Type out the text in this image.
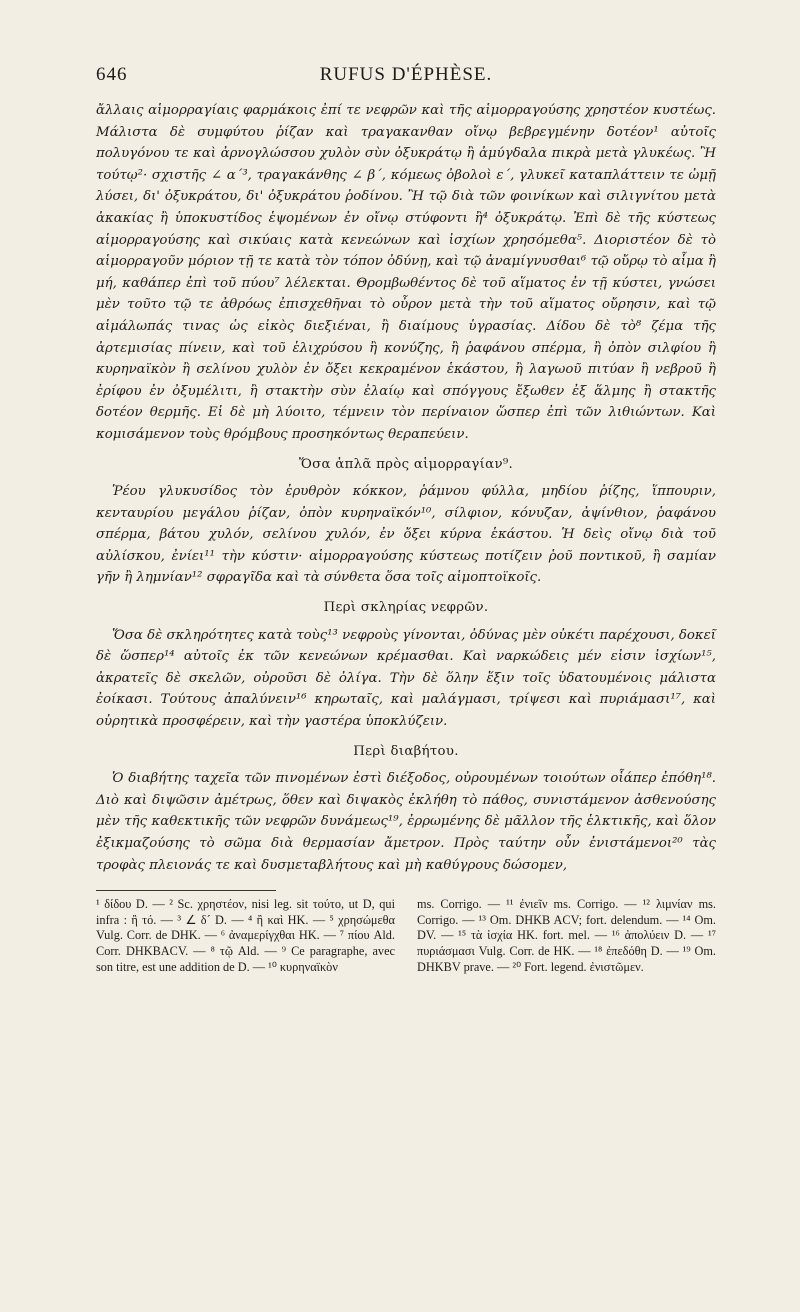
646	RUFUS D'ÉPHÈSE.

ἄλλαις αἱμορραγίαις φαρμάκοις ἐπί τε νεφρῶν καὶ τῆς αἱμορραγούσης χρηστέον κυστέως. Μάλιστα δὲ συμφύτου ῥίζαν καὶ τραγακανθαν οἴνῳ βεβρεγμένην δοτέον¹ αὐτοῖς πολυγόνου τε καὶ ἀρνογλώσσου χυλὸν σὺν ὀξυκράτῳ ἢ ἀμύγδαλα πικρὰ μετὰ γλυκέως. Ἢ τούτῳ²· σχιστῆς ∠ α´³, τραγακάνθης ∠ β´, κόμεως ὀβολοὶ ε´, γλυκεῖ καταπλάττειν τε ὠμῇ λύσει, δι' ὀξυκράτου, δι' ὀξυκράτου ῥοδίνου. Ἢ τῷ διὰ τῶν φοινίκων καὶ σιλιγνίτου μετὰ ἀκακίας ἢ ὑποκυστίδος ἑψομένων ἐν οἴνῳ στύφοντι ἢ⁴ ὀξυκράτῳ. Ἐπὶ δὲ τῆς κύστεως αἱμορραγούσης καὶ σικύαις κατὰ κενεώνων καὶ ἰσχίων χρησόμεθα⁵. Διοριστέον δὲ τὸ αἱμορραγοῦν μόριον τῇ τε κατὰ τὸν τόπον ὀδύνῃ, καὶ τῷ ἀναμίγνυσθαι⁶ τῷ οὔρῳ τὸ αἷμα ἢ μή, καθάπερ ἐπὶ τοῦ πύου⁷ λέλεκται. Θρομβωθέντος δὲ τοῦ αἵματος ἐν τῇ κύστει, γνώσει μὲν τοῦτο τῷ τε ἀθρόως ἐπισχεθῆναι τὸ οὖρον μετὰ τὴν τοῦ αἵματος οὔρησιν, καὶ τῷ αἱμάλωπάς τινας ὡς εἰκὸς διεξιέναι, ἢ διαίμους ὑγρασίας. Δίδου δὲ τὸ⁸ ζέμα τῆς ἀρτεμισίας πίνειν, καὶ τοῦ ἑλιχρύσου ἢ κονύζης, ἢ ῥαφάνου σπέρμα, ἢ ὀπὸν σιλφίου ἢ κυρηναϊκὸν ἢ σελίνου χυλὸν ἐν ὄξει κεκραμένον ἑκάστου, ἢ λαγωοῦ πιτύαν ἢ νεβροῦ ἢ ἐρίφου ἐν ὀξυμέλιτι, ἢ στακτὴν σὺν ἐλαίῳ καὶ σπόγγους ἔξωθεν ἐξ ἅλμης ἢ στακτῆς δοτέον θερμῆς. Εἰ δὲ μὴ λύοιτο, τέμνειν τὸν περίναιον ὥσπερ ἐπὶ τῶν λιθιώντων. Καὶ κομισάμενον τοὺς θρόμβους προσηκόντως θεραπεύειν.

Ὅσα ἁπλᾶ πρὸς αἱμορραγίαν⁹.

Ῥέου γλυκυσίδος τὸν ἐρυθρὸν κόκκον, ῥάμνου φύλλα, μηδίου ῥίζης, ἵππουριν, κενταυρίου μεγάλου ῥίζαν, ὀπὸν κυρηναϊκόν¹⁰, σίλφιον, κόνυζαν, ἀψίνθιον, ῥαφάνου σπέρμα, βάτου χυλόν, σελίνου χυλόν, ἐν ὄξει κύρνα ἑκάστου. Ἡ δεὶς οἴνῳ διὰ τοῦ αὐλίσκου, ἐνίει¹¹ τὴν κύστιν· αἱμορραγούσης κύστεως ποτίζειν ῥοῦ ποντικοῦ, ἢ σαμίαν γῆν ἢ λημνίαν¹² σφραγῖδα καὶ τὰ σύνθετα ὅσα τοῖς αἱμοπτοϊκοῖς.

Περὶ σκληρίας νεφρῶν.

Ὅσα δὲ σκληρότητες κατὰ τοὺς¹³ νεφροὺς γίνονται, ὀδύνας μὲν οὐκέτι παρέχουσι, δοκεῖ δὲ ὥσπερ¹⁴ αὐτοῖς ἐκ τῶν κενεώνων κρέμασθαι. Καὶ ναρκώδεις μέν εἰσιν ἰσχίων¹⁵, ἀκρατεῖς δὲ σκελῶν, οὐροῦσι δὲ ὀλίγα. Τὴν δὲ ὅλην ἕξιν τοῖς ὑδατουμένοις μάλιστα ἐοίκασι. Τούτους ἀπαλύνειν¹⁶ κηρωταῖς, καὶ μαλάγμασι, τρίψεσι καὶ πυριάμασι¹⁷, καὶ οὐρητικὰ προσφέρειν, καὶ τὴν γαστέρα ὑποκλύζειν.

Περὶ διαβήτου.

Ὁ διαβήτης ταχεῖα τῶν πινομένων ἐστὶ διέξοδος, οὐρουμένων τοιούτων οἷάπερ ἐπόθη¹⁸. Διὸ καὶ διψῶσιν ἀμέτρως, ὅθεν καὶ διψακὸς ἐκλήθη τὸ πάθος, συνιστάμενον ἀσθενούσης μὲν τῆς καθεκτικῆς τῶν νεφρῶν δυνάμεως¹⁹, ἐρρωμένης δὲ μᾶλλον τῆς ἑλκτικῆς, καὶ ὅλον ἐξικμαζούσης τὸ σῶμα διὰ θερμασίαν ἄμετρον. Πρὸς ταύτην οὖν ἐνιστάμενοι²⁰ τὰς τροφὰς πλειονάς τε καὶ δυσμεταβλήτους καὶ μὴ καθύγρους δώσομεν,

¹ δίδου D. — ² Sc. χρηστέον, nisi leg. sit τούτο, ut D, qui infra : ἢ τό. — ³ ∠ δ´ D. — ⁴ ἢ καὶ HK. — ⁵ χρησώμεθα Vulg. Corr. de DHK. — ⁶ ἀναμερίγχθαι HK. — ⁷ πίου Ald. Corr. DHKBACV. — ⁸ τῷ Ald. — ⁹ Ce paragraphe, avec son titre, est une addition de D. — ¹⁰ κυρηναϊκὸν

ms. Corrigo. — ¹¹ ἐνιεῖν ms. Corrigo. — ¹² λιμνίαν ms. Corrigo. — ¹³ Om. DHKB ACV; fort. delendum. — ¹⁴ Om. DV. — ¹⁵ τὰ ἰσχία HK. fort. mel. — ¹⁶ ἀπολύειν D. — ¹⁷ πυριάσμασι Vulg. Corr. de HK. — ¹⁸ ἐπεδόθη D. — ¹⁹ Om. DHKBV prave. — ²⁰ Fort. legend. ἐνιστῶμεν.
